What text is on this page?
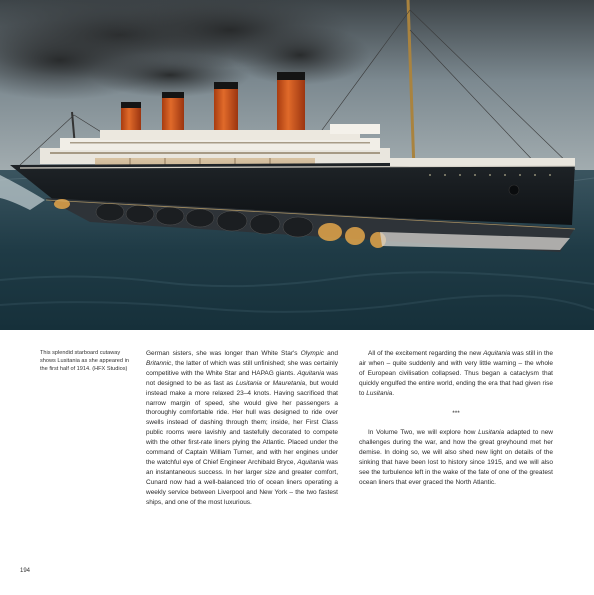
This splendid starboard cutaway shows Lusitania as she appeared in the first half of 1914. (HFX Studios)

German sisters, she was longer than White Star's Olympic and Britannic, the latter of which was still unfinished; she was certainly competitive with the White Star and HAPAG giants. Aquitania was not designed to be as fast as Lusitania or Mauretania, but would instead make a more relaxed 23–4 knots. Having sacrificed that narrow margin of speed, she would give her passengers a thoroughly comfortable ride. Her hull was designed to ride over swells instead of dashing through them; inside, her First Class public rooms were lavishly and tastefully decorated to compete with the other first-rate liners plying the Atlantic. Placed under the command of Captain William Turner, and with her engines under the watchful eye of Chief Engineer Archibald Bryce, Aquitania was an instantaneous success. In her larger size and greater comfort, Cunard now had a well-balanced trio of ocean liners operating a weekly service between Liverpool and New York – the two fastest ships, and one of the most luxurious.

All of the excitement regarding the new Aquitania was still in the air when – quite suddenly and with very little warning – the whole of European civilisation collapsed. Thus began a cataclysm that quickly engulfed the entire world, ending the era that had given rise to Lusitania.

***

In Volume Two, we will explore how Lusitania adapted to new challenges during the war, and how the great greyhound met her demise. In doing so, we will also shed new light on details of the sinking that have been lost to history since 1915, and we will also see the turbulence left in the wake of the fate of one of the greatest ocean liners that ever graced the North Atlantic.

194
